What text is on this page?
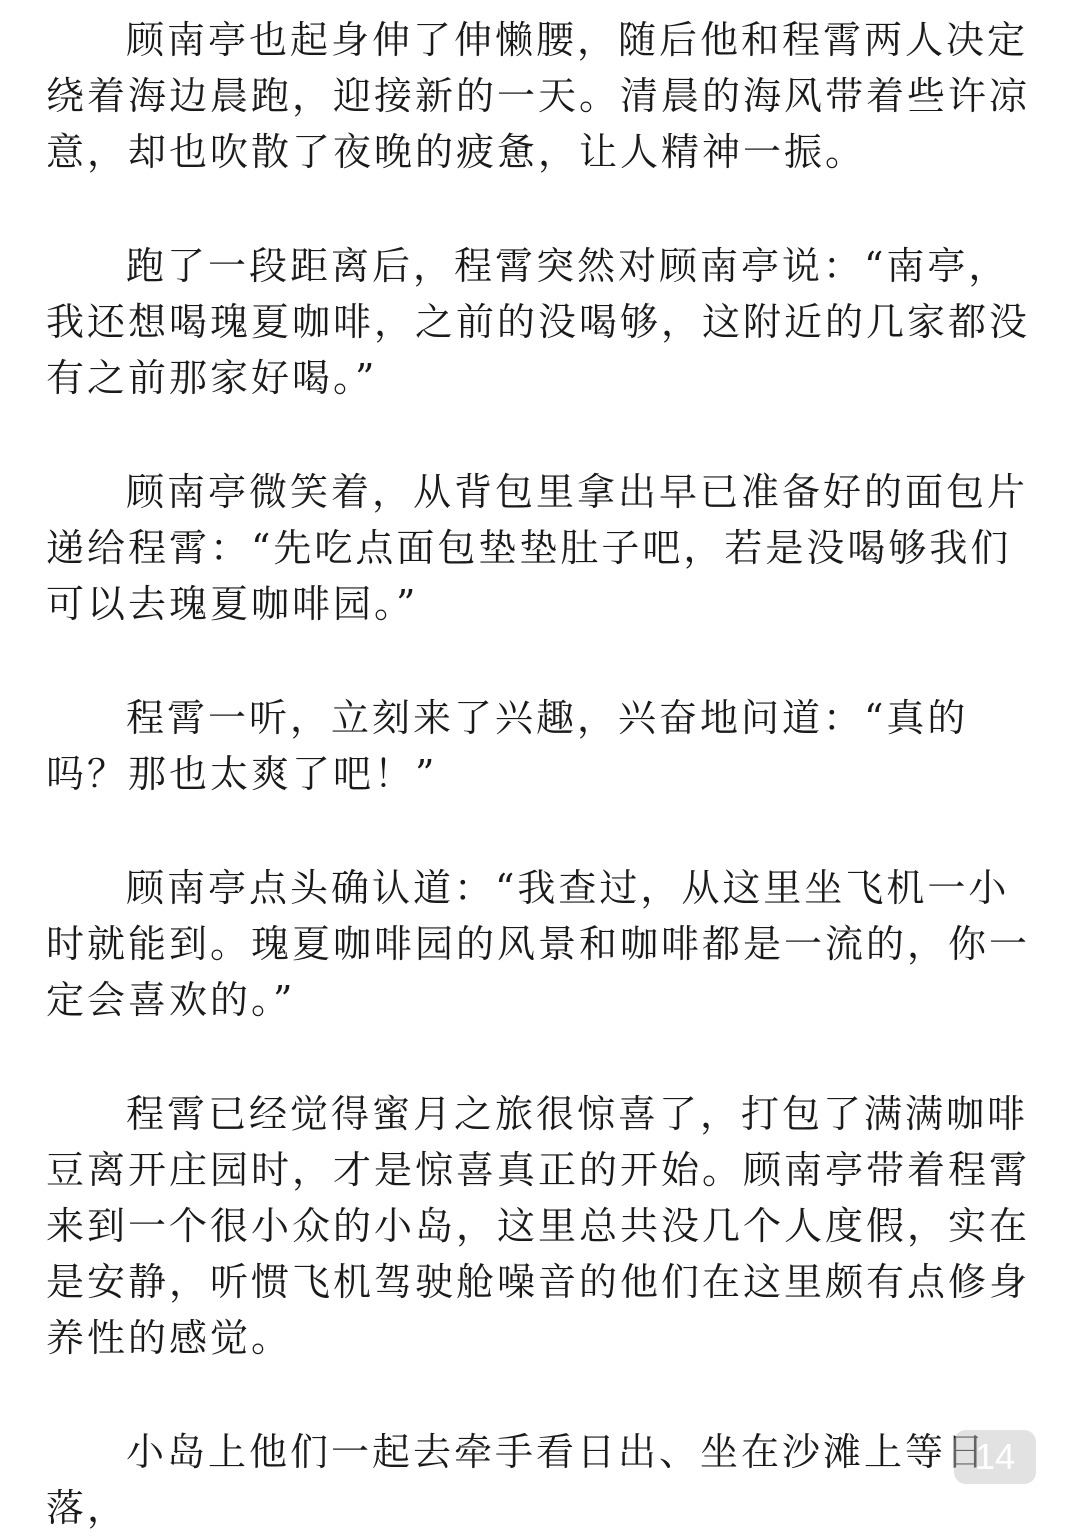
顾南亭也起身伸了伸懒腰，随后他和程霄两人决定绕着海边晨跑，迎接新的一天。清晨的海风带着些许凉意，却也吹散了夜晚的疲惫，让人精神一振。

跑了一段距离后，程霄突然对顾南亭说：“南亭，我还想喝瑰夏咖啡，之前的没喝够，这附近的几家都没有之前那家好喝。”

顾南亭微笑着，从背包里拿出早已准备好的面包片递给程霄：“先吃点面包垫垫肚子吧，若是没喝够我们可以去瑰夏咖啡园。”

程霄一听，立刻来了兴趣，兴奋地问道：“真的吗？那也太爽了吧！”

顾南亭点头确认道：“我查过，从这里坐飞机一小时就能到。瑰夏咖啡园的风景和咖啡都是一流的，你一定会喜欢的。”

程霄已经觉得蜜月之旅很惊喜了，打包了满满咖啡豆离开庄园时，才是惊喜真正的开始。顾南亭带着程霄来到一个很小众的小岛，这里总共没几个人度假，实在是安静，听惯飞机驾驶舱噪音的他们在这里颇有点修身养性的感觉。

小岛上他们一起去牵手看日出、坐在沙滩上等日落，

14
